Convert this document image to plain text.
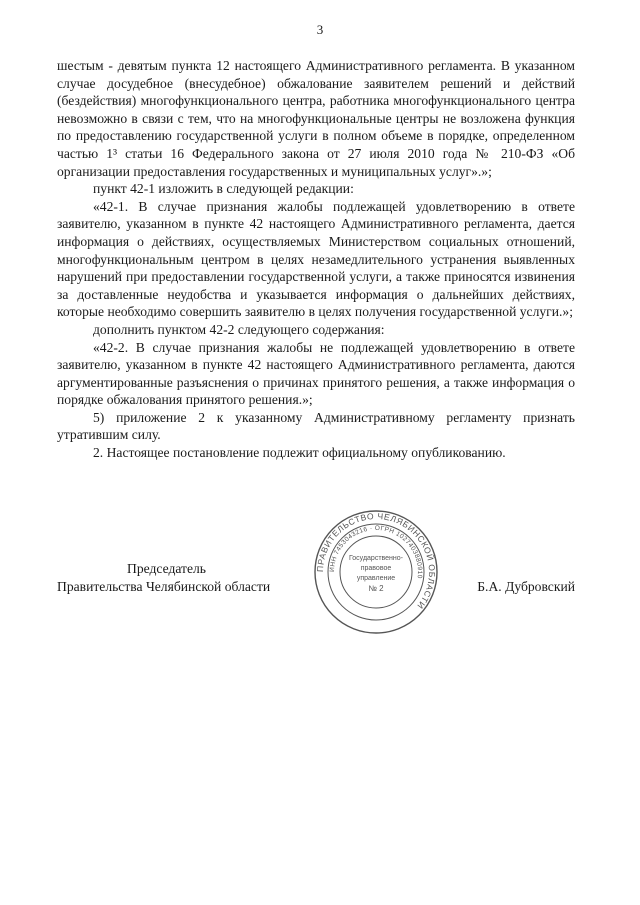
3

шестым - девятым пункта 12 настоящего Административного регламента. В указанном случае досудебное (внесудебное) обжалование заявителем решений и действий (бездействия) многофункционального центра, работника многофункционального центра невозможно в связи с тем, что на многофункциональные центры не возложена функция по предоставлению государственной услуги в полном объеме в порядке, определенном частью 1³ статьи 16 Федерального закона от 27 июля 2010 года № 210-ФЗ «Об организации предоставления государственных и муниципальных услуг».»;

пункт 42-1 изложить в следующей редакции:

«42-1. В случае признания жалобы подлежащей удовлетворению в ответе заявителю, указанном в пункте 42 настоящего Административного регламента, дается информация о действиях, осуществляемых Министерством социальных отношений, многофункциональным центром в целях незамедлительного устранения выявленных нарушений при предоставлении государственной услуги, а также приносятся извинения за доставленные неудобства и указывается информация о дальнейших действиях, которые необходимо совершить заявителю в целях получения государственной услуги.»;

дополнить пунктом 42-2 следующего содержания:

«42-2. В случае признания жалобы не подлежащей удовлетворению в ответе заявителю, указанном в пункте 42 настоящего Административного регламента, даются аргументированные разъяснения о причинах принятого решения, а также информация о порядке обжалования принятого решения.»;

5) приложение 2 к указанному Административному регламенту признать утратившим силу.

2. Настоящее постановление подлежит официальному опубликованию.

Председатель
Правительства Челябинской области	Б.А. Дубровский
ПРАВИТЕЛЬСТВО ЧЕЛЯБИНСКОЙ ОБЛАСТИ
ИНН 7453043216 · ОГРН 1027403880910
Государственно-
правовое
управление
№ 2
